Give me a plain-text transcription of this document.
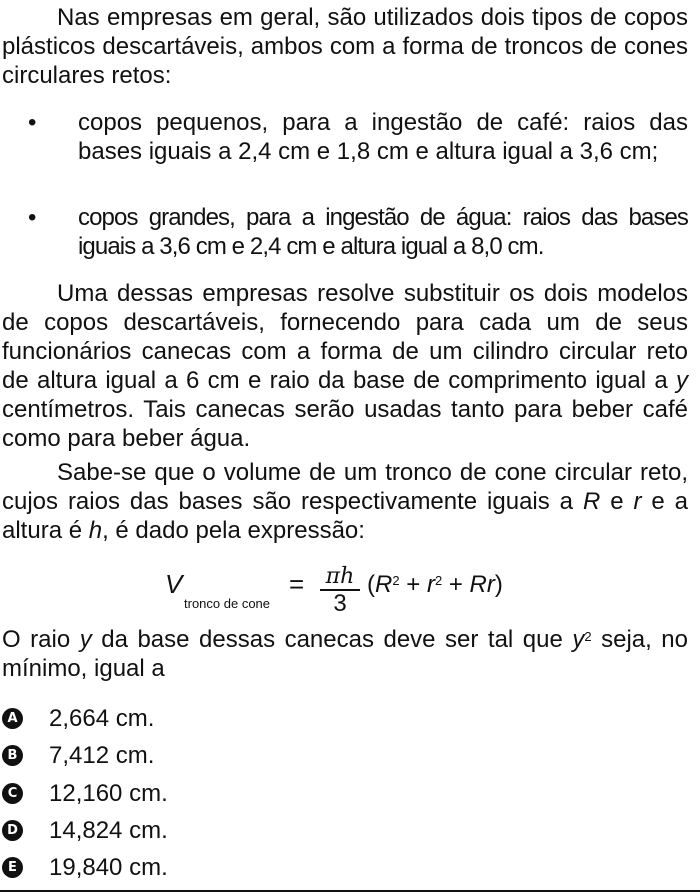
Nas empresas em geral, são utilizados dois tipos de copos plásticos descartáveis, ambos com a forma de troncos de cones circulares retos:

• copos pequenos, para a ingestão de café: raios das bases iguais a 2,4 cm e 1,8 cm e altura igual a 3,6 cm;

• copos grandes, para a ingestão de água: raios das bases iguais a 3,6 cm e 2,4 cm e altura igual a 8,0 cm.

Uma dessas empresas resolve substituir os dois modelos de copos descartáveis, fornecendo para cada um de seus funcionários canecas com a forma de um cilindro circular reto de altura igual a 6 cm e raio da base de comprimento igual a y centímetros. Tais canecas serão usadas tanto para beber café como para beber água.

Sabe-se que o volume de um tronco de cone circular reto, cujos raios das bases são respectivamente iguais a R e r e a altura é h, é dado pela expressão:

V
tronco de cone
= πh
3
$(R^2 + r^2 + Rr)$

O raio y da base dessas canecas deve ser tal que $y^2$ seja, no mínimo, igual a

A 2,664 cm.
B 7,412 cm.
C 12,160 cm.
D 14,824 cm.
E 19,840 cm.
